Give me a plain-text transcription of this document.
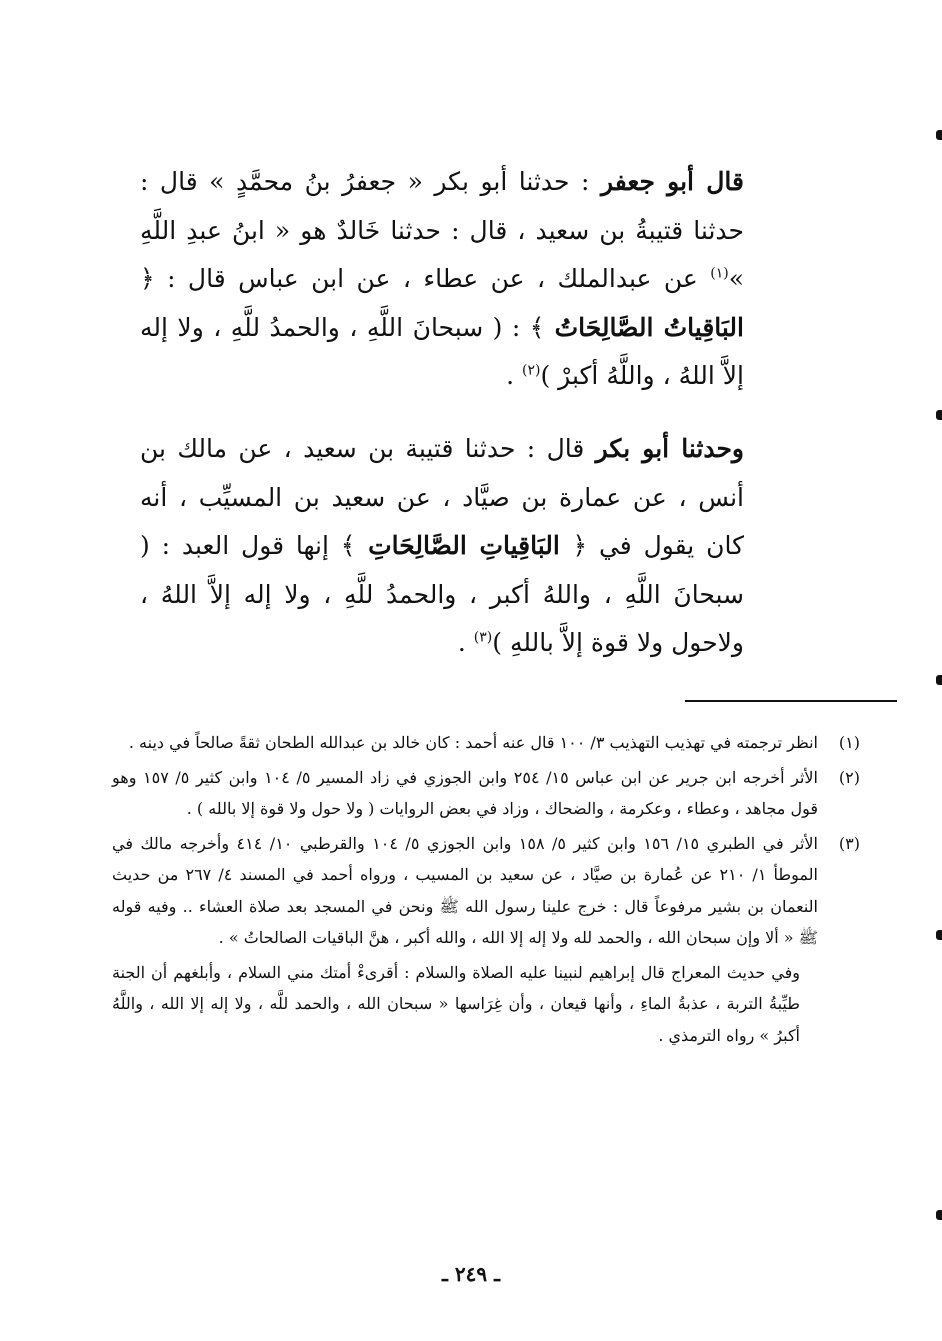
قال أبو جعفر : حدثنا أبو بكر « جعفرُ بنُ محمَّدٍ » قال : حدثنا قتيبةُ بن سعيد ، قال : حدثنا خَالدٌ هو « ابنُ عبدِ اللَّهِ »$^{(١)}$ عن عبدالملك ، عن عطاء ، عن ابن عباس قال : ﴿ البَاقِياتُ الصَّالِحَاتُ ﴾ : ( سبحانَ اللَّهِ ، والحمدُ للَّهِ ، ولا إله إلاَّ اللهُ ، واللَّهُ أكبرْ )$^{(٢)}$ .

وحدثنا أبو بكر قال : حدثنا قتيبة بن سعيد ، عن مالك بن أنس ، عن عمارة بن صيَّاد ، عن سعيد بن المسيِّب ، أنه كان يقول في ﴿ البَاقِياتِ الصَّالِحَاتِ ﴾ إنها قول العبد : ( سبحانَ اللَّهِ ، واللهُ أكبر ، والحمدُ للَّهِ ، ولا إله إلاَّ اللهُ ، ولاحول ولا قوة إلاَّ باللهِ )$^{(٣)}$ .

(١)
انظر ترجمته في تهذيب التهذيب ٣/ ١٠٠ قال عنه أحمد : كان خالد بن عبدالله الطحان ثقةً صالحاً في دينه .
(٢)
الأثر أخرجه ابن جرير عن ابن عباس ١٥/ ٢٥٤ وابن الجوزي في زاد المسير ٥/ ١٠٤ وابن كثير ٥/ ١٥٧ وهو قول مجاهد ، وعطاء ، وعكرمة ، والضحاك ، وزاد في بعض الروايات ( ولا حول ولا قوة إلا بالله ) .
(٣)
الأثر في الطبري ١٥/ ١٥٦ وابن كثير ٥/ ١٥٨ وابن الجوزي ٥/ ١٠٤ والقرطبي ١٠/ ٤١٤ وأخرجه مالك في الموطأ ١/ ٢١٠ عن عُمارة بن صيَّاد ، عن سعيد بن المسيب ، ورواه أحمد في المسند ٤/ ٢٦٧ من حديث النعمان بن بشير مرفوعاً قال : خرج علينا رسول الله ﷺ ونحن في المسجد بعد صلاة العشاء .. وفيه قوله ﷺ « ألا وإن سبحان الله ، والحمد لله ولا إله إلا الله ، والله أكبر ، هنَّ الباقيات الصالحاتُ » .
وفي حديث المعراج قال إبراهيم لنبينا عليه الصلاة والسلام : أقرىءْ أمتك مني السلام ، وأبلغهم أن الجنة طيِّبةُ التربة ، عذبةُ الماءِ ، وأنها قيعان ، وأن غِرَاسها « سبحان الله ، والحمد للَّه ، ولا إله إلا الله ، واللَّهُ أكبرُ » رواه الترمذي .
ـ ٢٤٩ ـ
